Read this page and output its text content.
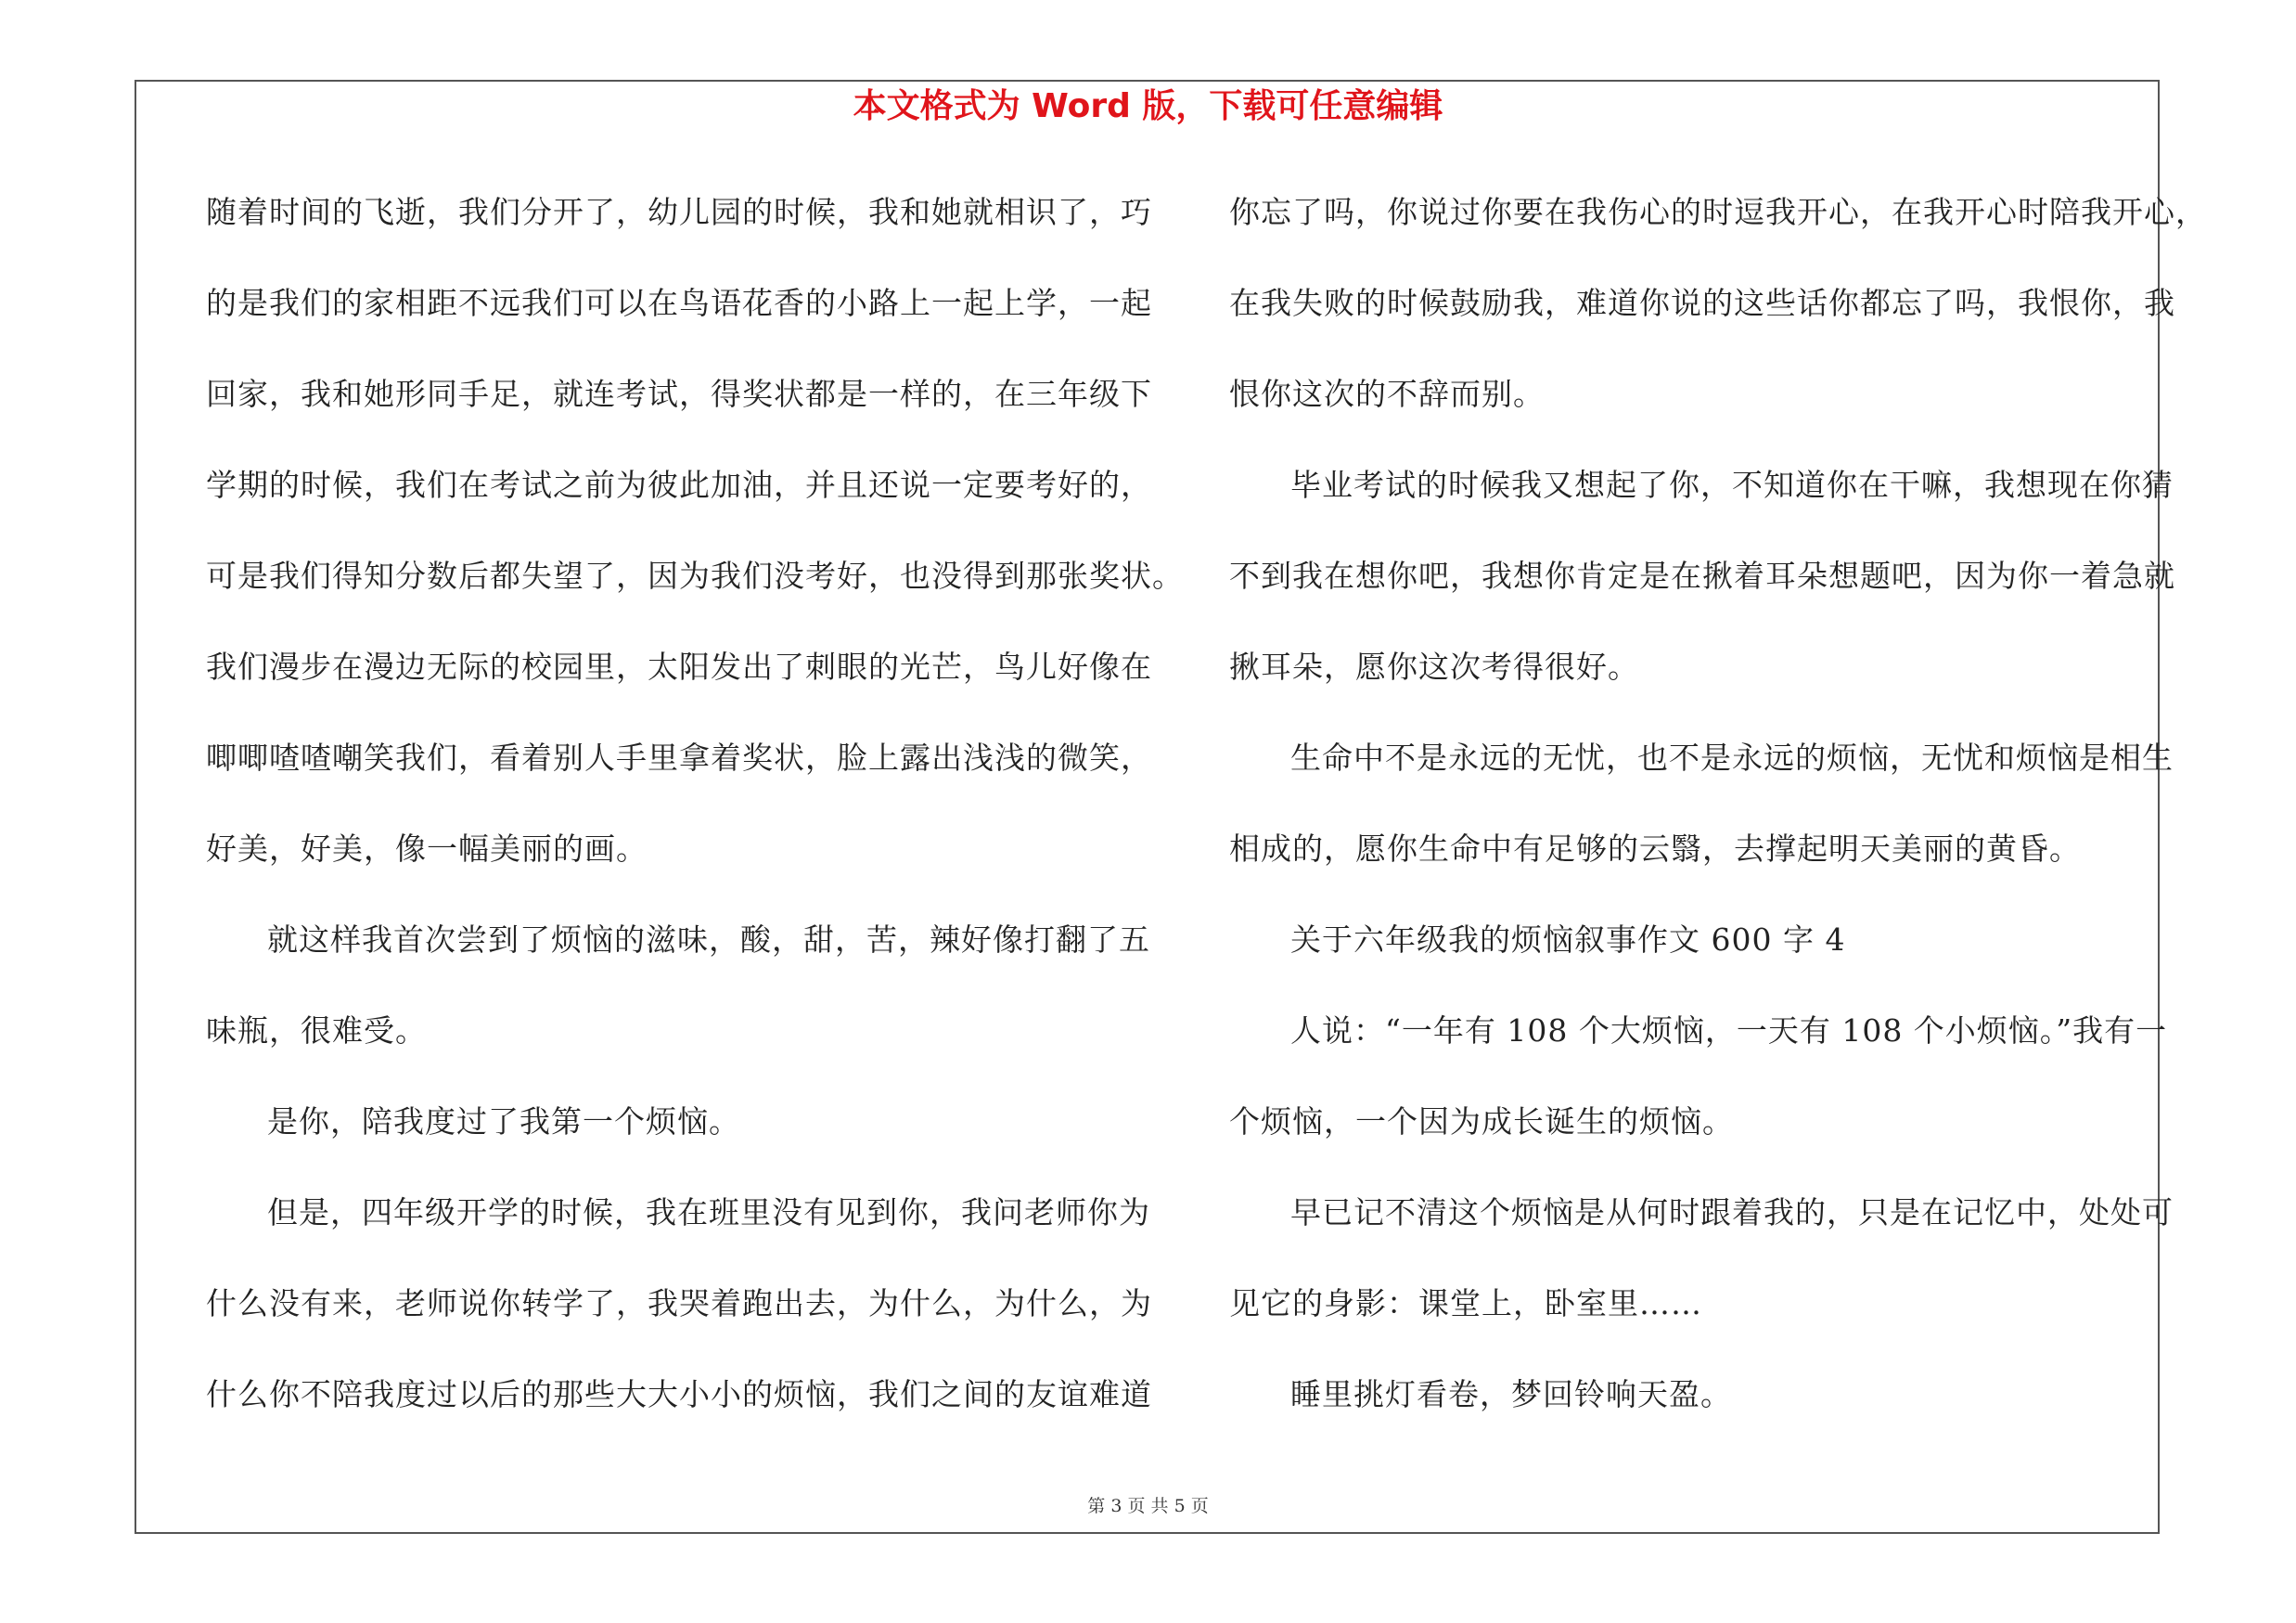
本文格式为 Word 版，下载可任意编辑
随着时间的飞逝，我们分开了，幼儿园的时候，我和她就相识了，巧
的是我们的家相距不远我们可以在鸟语花香的小路上一起上学，一起
回家，我和她形同手足，就连考试，得奖状都是一样的，在三年级下
学期的时候，我们在考试之前为彼此加油，并且还说一定要考好的，
可是我们得知分数后都失望了，因为我们没考好，也没得到那张奖状。
我们漫步在漫边无际的校园里，太阳发出了刺眼的光芒，鸟儿好像在
唧唧喳喳嘲笑我们，看着别人手里拿着奖状，脸上露出浅浅的微笑，
好美，好美，像一幅美丽的画。
就这样我首次尝到了烦恼的滋味，酸，甜，苦，辣好像打翻了五
味瓶，很难受。
是你，陪我度过了我第一个烦恼。
但是，四年级开学的时候，我在班里没有见到你，我问老师你为
什么没有来，老师说你转学了，我哭着跑出去，为什么，为什么，为
什么你不陪我度过以后的那些大大小小的烦恼，我们之间的友谊难道
你忘了吗，你说过你要在我伤心的时逗我开心，在我开心时陪我开心，
在我失败的时候鼓励我，难道你说的这些话你都忘了吗，我恨你，我
恨你这次的不辞而别。
毕业考试的时候我又想起了你，不知道你在干嘛，我想现在你猜
不到我在想你吧，我想你肯定是在揪着耳朵想题吧，因为你一着急就
揪耳朵，愿你这次考得很好。
生命中不是永远的无忧，也不是永远的烦恼，无忧和烦恼是相生
相成的，愿你生命中有足够的云翳，去撑起明天美丽的黄昏。
关于六年级我的烦恼叙事作文 600 字 4
人说：“一年有 108 个大烦恼，一天有 108 个小烦恼。”我有一
个烦恼，一个因为成长诞生的烦恼。
早已记不清这个烦恼是从何时跟着我的，只是在记忆中，处处可
见它的身影：课堂上，卧室里……
睡里挑灯看卷，梦回铃响天盈。
第 3 页 共 5 页
